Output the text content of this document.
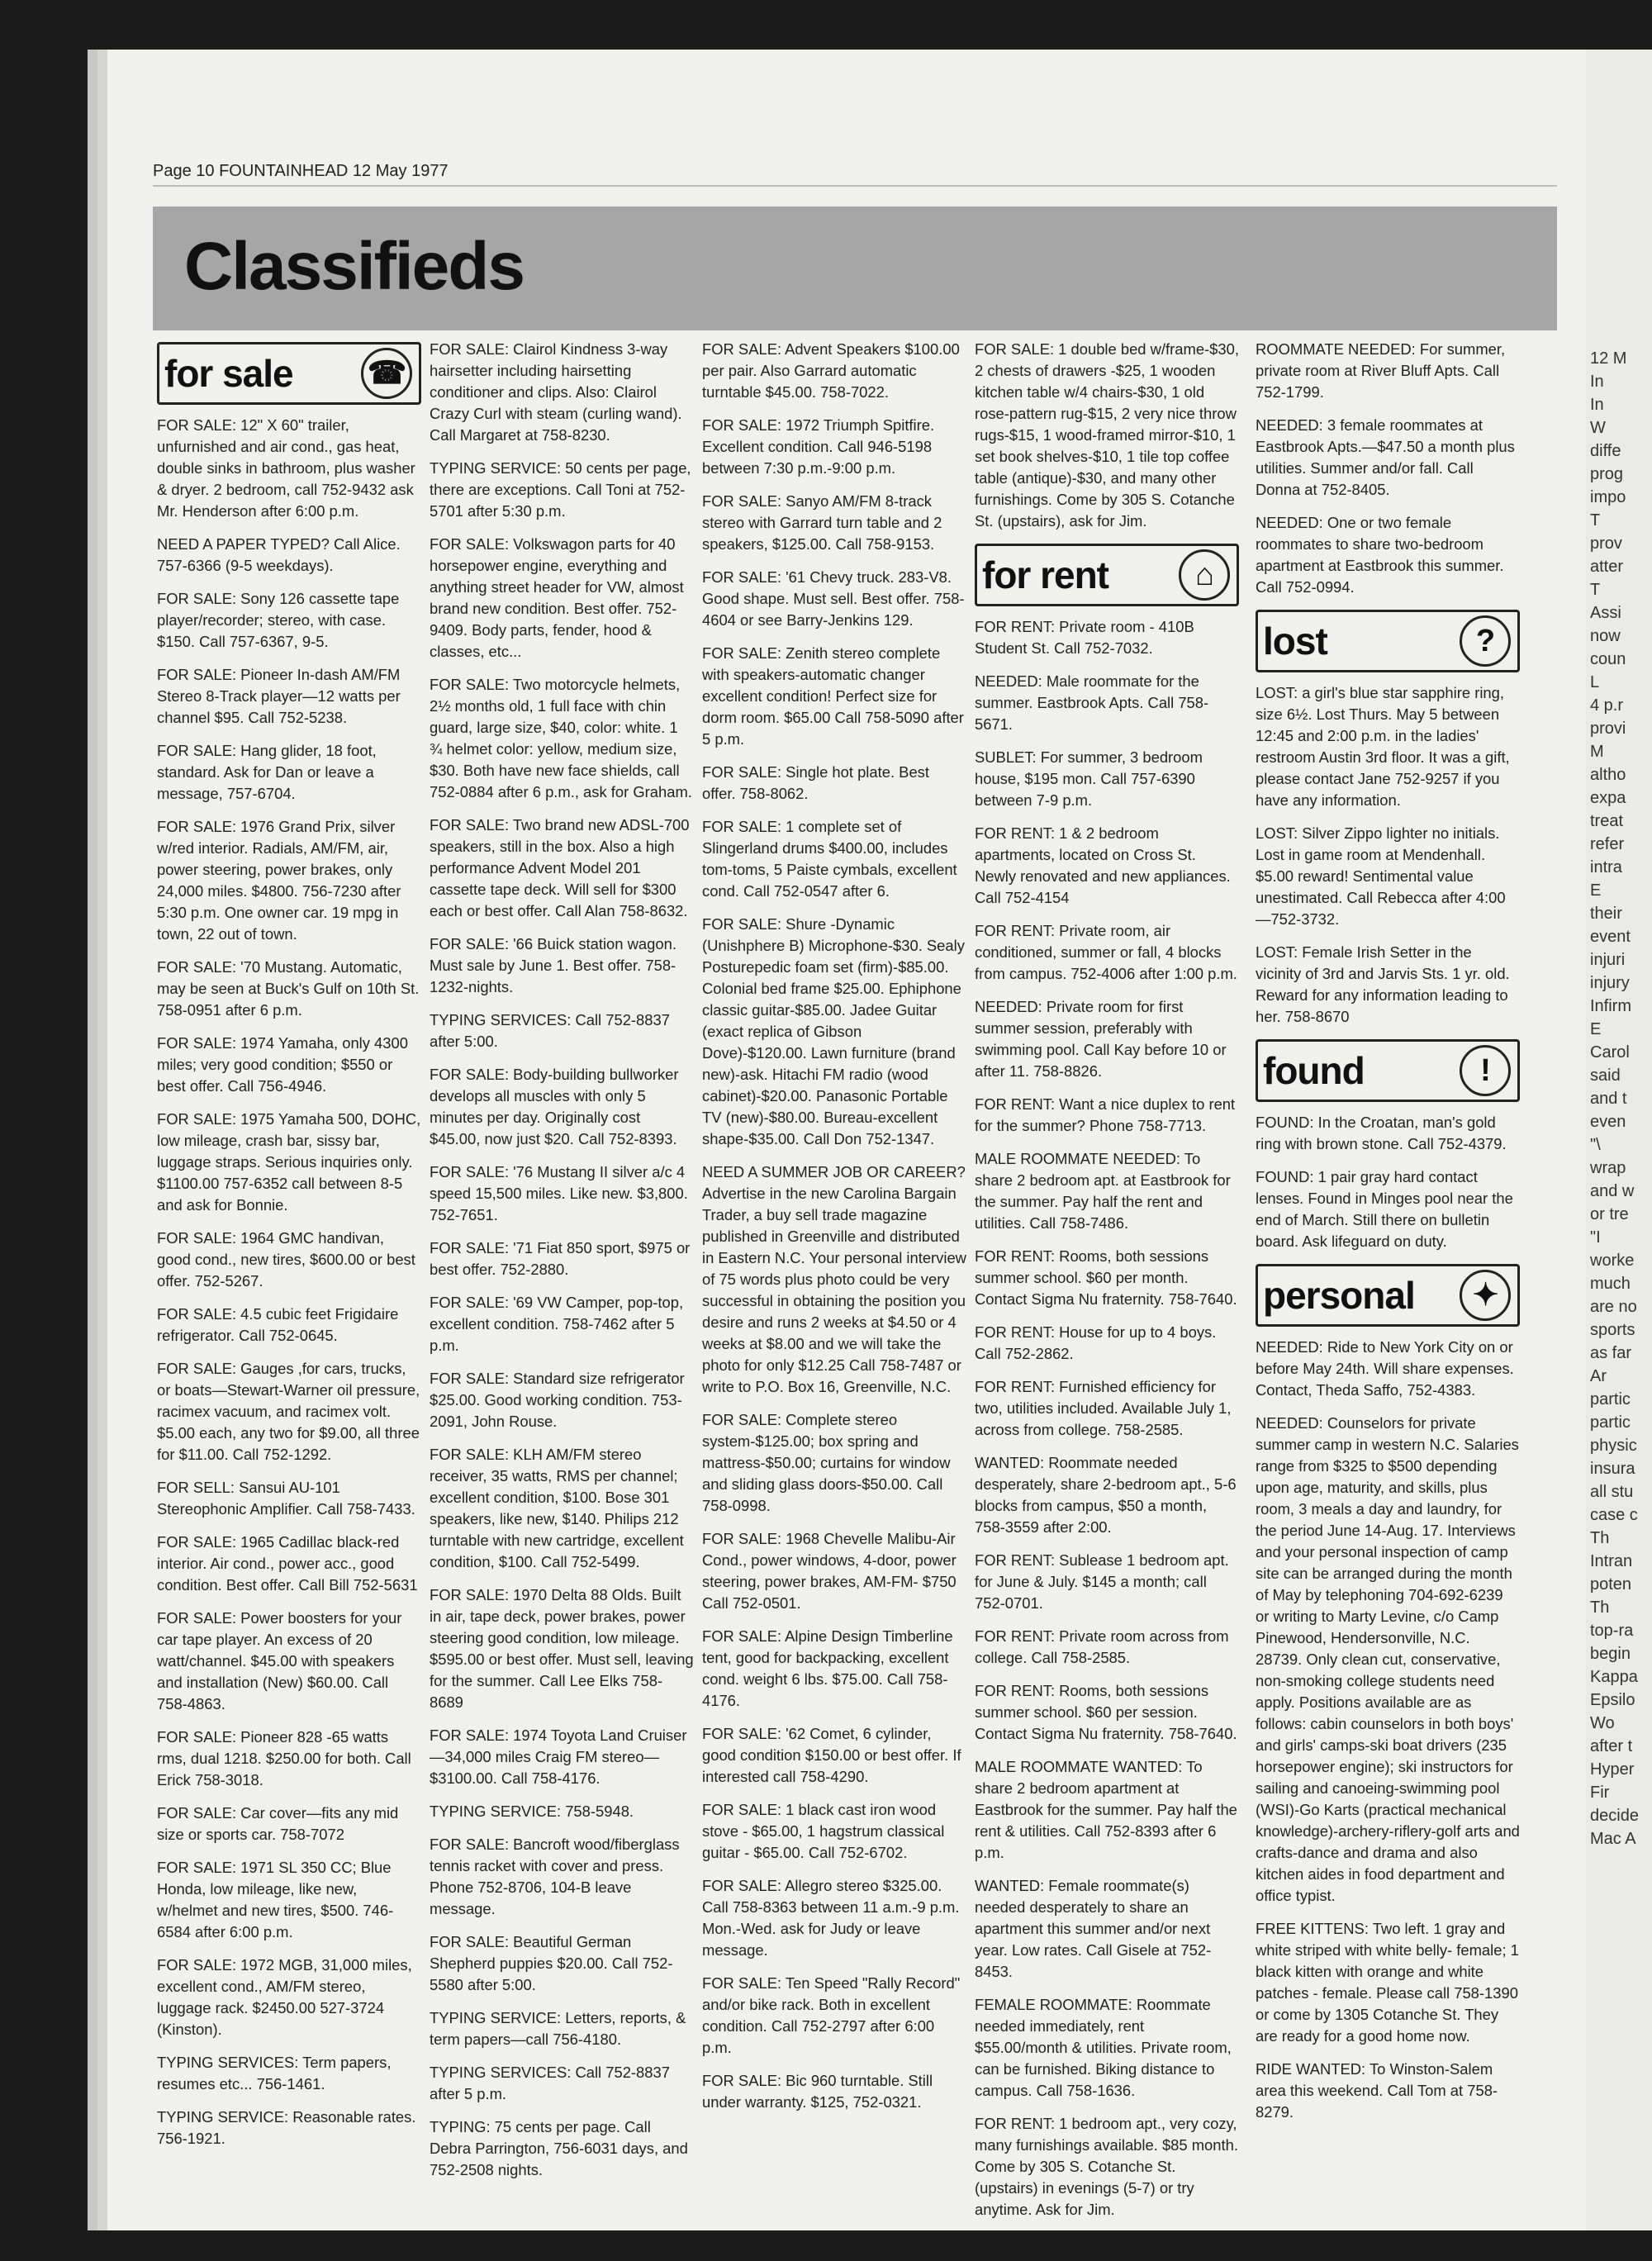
Page 10 FOUNTAINHEAD 12 May 1977
Classifieds
for sale ☎

FOR SALE: 12" X 60" trailer, unfurnished and air cond., gas heat, double sinks in bathroom, plus washer & dryer. 2 bedroom, call 752-9432 ask Mr. Henderson after 6:00 p.m.

NEED A PAPER TYPED? Call Alice. 757-6366 (9-5 weekdays).

FOR SALE: Sony 126 cassette tape player/recorder; stereo, with case. $150. Call 757-6367, 9-5.

FOR SALE: Pioneer In-dash AM/FM Stereo 8-Track player—12 watts per channel $95. Call 752-5238.

FOR SALE: Hang glider, 18 foot, standard. Ask for Dan or leave a message, 757-6704.

FOR SALE: 1976 Grand Prix, silver w/red interior. Radials, AM/FM, air, power steering, power brakes, only 24,000 miles. $4800. 756-7230 after 5:30 p.m. One owner car. 19 mpg in town, 22 out of town.

FOR SALE: '70 Mustang. Automatic, may be seen at Buck's Gulf on 10th St. 758-0951 after 6 p.m.

FOR SALE: 1974 Yamaha, only 4300 miles; very good condition; $550 or best offer. Call 756-4946.

FOR SALE: 1975 Yamaha 500, DOHC, low mileage, crash bar, sissy bar, luggage straps. Serious inquiries only. $1100.00 757-6352 call between 8-5 and ask for Bonnie.

FOR SALE: 1964 GMC handivan, good cond., new tires, $600.00 or best offer. 752-5267.

FOR SALE: 4.5 cubic feet Frigidaire refrigerator. Call 752-0645.

FOR SALE: Gauges ,for cars, trucks, or boats—Stewart-Warner oil pressure, racimex vacuum, and racimex volt. $5.00 each, any two for $9.00, all three for $11.00. Call 752-1292.

FOR SELL: Sansui AU-101 Stereophonic Amplifier. Call 758-7433.

FOR SALE: 1965 Cadillac black-red interior. Air cond., power acc., good condition. Best offer. Call Bill 752-5631

FOR SALE: Power boosters for your car tape player. An excess of 20 watt/channel. $45.00 with speakers and installation (New) $60.00. Call 758-4863.

FOR SALE: Pioneer 828 -65 watts rms, dual 1218. $250.00 for both. Call Erick 758-3018.

FOR SALE: Car cover—fits any mid size or sports car. 758-7072

FOR SALE: 1971 SL 350 CC; Blue Honda, low mileage, like new, w/helmet and new tires, $500. 746-6584 after 6:00 p.m.

FOR SALE: 1972 MGB, 31,000 miles, excellent cond., AM/FM stereo, luggage rack. $2450.00 527-3724 (Kinston).

TYPING SERVICES: Term papers, resumes etc... 756-1461.

TYPING SERVICE: Reasonable rates. 756-1921.

FOR SALE: Clairol Kindness 3-way hairsetter including hairsetting conditioner and clips. Also: Clairol Crazy Curl with steam (curling wand). Call Margaret at 758-8230.

TYPING SERVICE: 50 cents per page, there are exceptions. Call Toni at 752-5701 after 5:30 p.m.

FOR SALE: Volkswagon parts for 40 horsepower engine, everything and anything street header for VW, almost brand new condition. Best offer. 752-9409. Body parts, fender, hood & classes, etc...

FOR SALE: Two motorcycle helmets, 2½ months old, 1 full face with chin guard, large size, $40, color: white. 1 ¾ helmet color: yellow, medium size, $30. Both have new face shields, call 752-0884 after 6 p.m., ask for Graham.

FOR SALE: Two brand new ADSL-700 speakers, still in the box. Also a high performance Advent Model 201 cassette tape deck. Will sell for $300 each or best offer. Call Alan 758-8632.

FOR SALE: '66 Buick station wagon. Must sale by June 1. Best offer. 758-1232-nights.

TYPING SERVICES: Call 752-8837 after 5:00.

FOR SALE: Body-building bullworker develops all muscles with only 5 minutes per day. Originally cost $45.00, now just $20. Call 752-8393.

FOR SALE: '76 Mustang II silver a/c 4 speed 15,500 miles. Like new. $3,800. 752-7651.

FOR SALE: '71 Fiat 850 sport, $975 or best offer. 752-2880.

FOR SALE: '69 VW Camper, pop-top, excellent condition. 758-7462 after 5 p.m.

FOR SALE: Standard size refrigerator $25.00. Good working condition. 753-2091, John Rouse.

FOR SALE: KLH AM/FM stereo receiver, 35 watts, RMS per channel; excellent condition, $100. Bose 301 speakers, like new, $140. Philips 212 turntable with new cartridge, excellent condition, $100. Call 752-5499.

FOR SALE: 1970 Delta 88 Olds. Built in air, tape deck, power brakes, power steering good condition, low mileage. $595.00 or best offer. Must sell, leaving for the summer. Call Lee Elks 758-8689

FOR SALE: 1974 Toyota Land Cruiser—34,000 miles Craig FM stereo—$3100.00. Call 758-4176.

TYPING SERVICE: 758-5948.

FOR SALE: Bancroft wood/fiberglass tennis racket with cover and press. Phone 752-8706, 104-B leave message.

FOR SALE: Beautiful German Shepherd puppies $20.00. Call 752-5580 after 5:00.

TYPING SERVICE: Letters, reports, & term papers—call 756-4180.

TYPING SERVICES: Call 752-8837 after 5 p.m.

TYPING: 75 cents per page. Call Debra Parrington, 756-6031 days, and 752-2508 nights.

FOR SALE: Advent Speakers $100.00 per pair. Also Garrard automatic turntable $45.00. 758-7022.

FOR SALE: 1972 Triumph Spitfire. Excellent condition. Call 946-5198 between 7:30 p.m.-9:00 p.m.

FOR SALE: Sanyo AM/FM 8-track stereo with Garrard turn table and 2 speakers, $125.00. Call 758-9153.

FOR SALE: '61 Chevy truck. 283-V8. Good shape. Must sell. Best offer. 758-4604 or see Barry-Jenkins 129.

FOR SALE: Zenith stereo complete with speakers-automatic changer excellent condition! Perfect size for dorm room. $65.00 Call 758-5090 after 5 p.m.

FOR SALE: Single hot plate. Best offer. 758-8062.

FOR SALE: 1 complete set of Slingerland drums $400.00, includes tom-toms, 5 Paiste cymbals, excellent cond. Call 752-0547 after 6.

FOR SALE: Shure -Dynamic (Unishphere B) Microphone-$30. Sealy Posturepedic foam set (firm)-$85.00. Colonial bed frame $25.00. Ephiphone classic guitar-$85.00. Jadee Guitar (exact replica of Gibson Dove)-$120.00. Lawn furniture (brand new)-ask. Hitachi FM radio (wood cabinet)-$20.00. Panasonic Portable TV (new)-$80.00. Bureau-excellent shape-$35.00. Call Don 752-1347.

NEED A SUMMER JOB OR CAREER? Advertise in the new Carolina Bargain Trader, a buy sell trade magazine published in Greenville and distributed in Eastern N.C. Your personal interview of 75 words plus photo could be very successful in obtaining the position you desire and runs 2 weeks at $4.50 or 4 weeks at $8.00 and we will take the photo for only $12.25 Call 758-7487 or write to P.O. Box 16, Greenville, N.C.

FOR SALE: Complete stereo system-$125.00; box spring and mattress-$50.00; curtains for window and sliding glass doors-$50.00. Call 758-0998.

FOR SALE: 1968 Chevelle Malibu-Air Cond., power windows, 4-door, power steering, power brakes, AM-FM- $750 Call 752-0501.

FOR SALE: Alpine Design Timberline tent, good for backpacking, excellent cond. weight 6 lbs. $75.00. Call 758-4176.

FOR SALE: '62 Comet, 6 cylinder, good condition $150.00 or best offer. If interested call 758-4290.

FOR SALE: 1 black cast iron wood stove - $65.00, 1 hagstrum classical guitar - $65.00. Call 752-6702.

FOR SALE: Allegro stereo $325.00. Call 758-8363 between 11 a.m.-9 p.m. Mon.-Wed. ask for Judy or leave message.

FOR SALE: Ten Speed "Rally Record" and/or bike rack. Both in excellent condition. Call 752-2797 after 6:00 p.m.

FOR SALE: Bic 960 turntable. Still under warranty. $125, 752-0321.

FOR SALE: 1 double bed w/frame-$30, 2 chests of drawers -$25, 1 wooden kitchen table w/4 chairs-$30, 1 old rose-pattern rug-$15, 2 very nice throw rugs-$15, 1 wood-framed mirror-$10, 1 set book shelves-$10, 1 tile top coffee table (antique)-$30, and many other furnishings. Come by 305 S. Cotanche St. (upstairs), ask for Jim.

for rent	⌂

FOR RENT: Private room - 410B Student St. Call 752-7032.

NEEDED: Male roommate for the summer. Eastbrook Apts. Call 758-5671.

SUBLET: For summer, 3 bedroom house, $195 mon. Call 757-6390 between 7-9 p.m.

FOR RENT: 1 & 2 bedroom apartments, located on Cross St. Newly renovated and new appliances. Call 752-4154

FOR RENT: Private room, air conditioned, summer or fall, 4 blocks from campus. 752-4006 after 1:00 p.m.

NEEDED: Private room for first summer session, preferably with swimming pool. Call Kay before 10 or after 11. 758-8826.

FOR RENT: Want a nice duplex to rent for the summer? Phone 758-7713.

MALE ROOMMATE NEEDED: To share 2 bedroom apt. at Eastbrook for the summer. Pay half the rent and utilities. Call 758-7486.

FOR RENT: Rooms, both sessions summer school. $60 per month. Contact Sigma Nu fraternity. 758-7640.

FOR RENT: House for up to 4 boys. Call 752-2862.

FOR RENT: Furnished efficiency for two, utilities included. Available July 1, across from college. 758-2585.

WANTED: Roommate needed desperately, share 2-bedroom apt., 5-6 blocks from campus, $50 a month, 758-3559 after 2:00.

FOR RENT: Sublease 1 bedroom apt. for June & July. $145 a month; call 752-0701.

FOR RENT: Private room across from college. Call 758-2585.

FOR RENT: Rooms, both sessions summer school. $60 per session. Contact Sigma Nu fraternity. 758-7640.

MALE ROOMMATE WANTED: To share 2 bedroom apartment at Eastbrook for the summer. Pay half the rent & utilities. Call 752-8393 after 6 p.m.

WANTED: Female roommate(s) needed desperately to share an apartment this summer and/or next year. Low rates. Call Gisele at 752-8453.

FEMALE ROOMMATE: Roommate needed immediately, rent $55.00/month & utilities. Private room, can be furnished. Biking distance to campus. Call 758-1636.

FOR RENT: 1 bedroom apt., very cozy, many furnishings available. $85 month. Come by 305 S. Cotanche St. (upstairs) in evenings (5-7) or try anytime. Ask for Jim.

ROOMMATE NEEDED: For summer, private room at River Bluff Apts. Call 752-1799.

NEEDED: 3 female roommates at Eastbrook Apts.—$47.50 a month plus utilities. Summer and/or fall. Call Donna at 752-8405.

NEEDED: One or two female roommates to share two-bedroom apartment at Eastbrook this summer. Call 752-0994.

lost	?

LOST: a girl's blue star sapphire ring, size 6½. Lost Thurs. May 5 between 12:45 and 2:00 p.m. in the ladies' restroom Austin 3rd floor. It was a gift, please contact Jane 752-9257 if you have any information.

LOST: Silver Zippo lighter no initials. Lost in game room at Mendenhall. $5.00 reward! Sentimental value unestimated. Call Rebecca after 4:00—752-3732.

LOST: Female Irish Setter in the vicinity of 3rd and Jarvis Sts. 1 yr. old. Reward for any information leading to her. 758-8670

found	!

FOUND: In the Croatan, man's gold ring with brown stone. Call 752-4379.

FOUND: 1 pair gray hard contact lenses. Found in Minges pool near the end of March. Still there on bulletin board. Ask lifeguard on duty.

personal	✦

NEEDED: Ride to New York City on or before May 24th. Will share expenses. Contact, Theda Saffo, 752-4383.

NEEDED: Counselors for private summer camp in western N.C. Salaries range from $325 to $500 depending upon age, maturity, and skills, plus room, 3 meals a day and laundry, for the period June 14-Aug. 17. Interviews and your personal inspection of camp site can be arranged during the month of May by telephoning 704-692-6239 or writing to Marty Levine, c/o Camp Pinewood, Hendersonville, N.C. 28739. Only clean cut, conservative, non-smoking college students need apply. Positions available are as follows: cabin counselors in both boys' and girls' camps-ski boat drivers (235 horsepower engine); ski instructors for sailing and canoeing-swimming pool (WSI)-Go Karts (practical mechanical knowledge)-archery-riflery-golf arts and crafts-dance and drama and also kitchen aides in food department and office typist.

FREE KITTENS: Two left. 1 gray and white striped with white belly- female; 1 black kitten with orange and white patches - female. Please call 758-1390 or come by 1305 Cotanche St. They are ready for a good home now.

RIDE WANTED: To Winston-Salem area this weekend. Call Tom at 758-8279.

12 M
In
In
W
diffe
prog
impo
T
prov
atter
T
Assi
now
coun
L
4 p.r
provi
M
altho
expa
treat
refer
intra
E
their
event
injuri
injury
Infirm
E
Carol
said
and t
even
"\
wrap
and w
or tre
"I
worke
much
are no
sports
as far
Ar
partic
partic
physic
insura
all stu
case c
Th
Intran
poten
Th
top-ra
begin
Kappa
Epsilo
Wo
after t
Hyper
Fir
decide
Mac A
